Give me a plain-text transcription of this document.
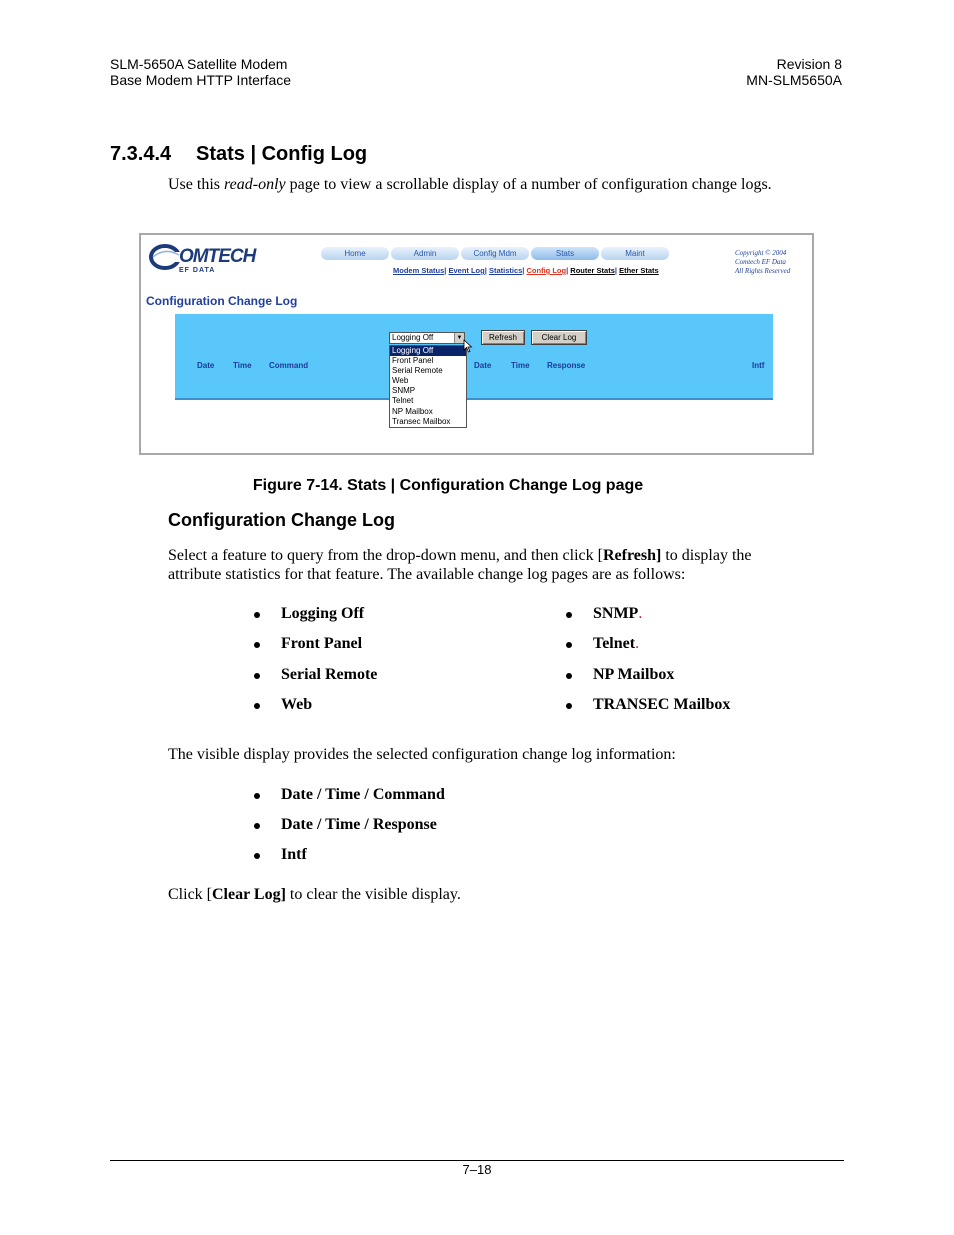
SLM-5650A Satellite Modem
Base Modem HTTP Interface
Revision 8
MN-SLM5650A
7.3.4.4 Stats | Config Log
Use this read-only page to view a scrollable display of a number of configuration change logs.
OMTECH
EF DATA
Home	Admin	Config Mdm	Stats	Maint
Modem Status| Event Log| Statistics| Config Log| Router Stats| Ether Stats
Copyright © 2004
Comtech EF Data
All Rights Reserved
Configuration Change Log
Date Time Command	Date Time Response	Intf
Logging Off	▼
Logging Off
Front Panel
Serial Remote
Web
SNMP
Telnet
NP Mailbox
Transec Mailbox
Refresh	Clear Log
Figure 7-14. Stats | Configuration Change Log page
Configuration Change Log
Select a feature to query from the drop-down menu, and then click [Refresh] to display the attribute statistics for that feature. The available change log pages are as follows:
Logging Off
Front Panel
Serial Remote
Web
SNMP.
Telnet.
NP Mailbox
TRANSEC Mailbox
The visible display provides the selected configuration change log information:
Date / Time / Command
Date / Time / Response
Intf
Click [Clear Log] to clear the visible display.
7–18
